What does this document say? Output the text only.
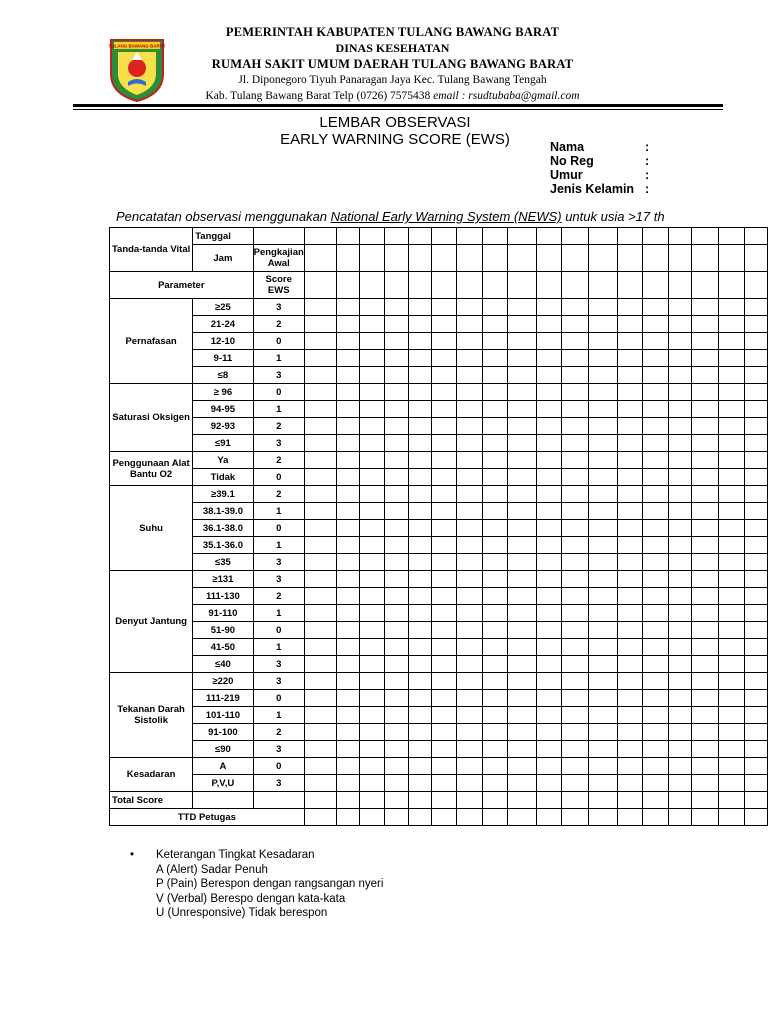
TULANG BAWANG BARAT
PEMERINTAH KABUPATEN TULANG BAWANG BARAT
DINAS KESEHATAN
RUMAH SAKIT UMUM DAERAH TULANG BAWANG BARAT
Jl. Diponegoro Tiyuh Panaragan Jaya Kec. Tulang Bawang Tengah
Kab. Tulang Bawang Barat Telp (0726) 7575438 email : rsudtubaba@gmail.com
LEMBAR OBSERVASI
EARLY WARNING SCORE (EWS)	Nama	:
No Reg	:
Umur	:
Jenis Kelamin :
Pencatatan observasi menggunakan National Early Warning System (NEWS) untuk usia >17 th
Tanda-tanda Vital	Tanggal																			
	Jam	Pengkajian Awal																		
Parameter		Score EWS																		
Pernafasan	≥25	3																		
	21-24	2																		
	12-10	0																		
	9-11	1																		
	≤8	3																		
Saturasi Oksigen	≥ 96	0																		
	94-95	1																		
	92-93	2																		
	≤91	3																		
Penggunaan Alat Bantu O2	Ya	2																		
	Tidak	0																		
Suhu	≥39.1	2																		
	38.1-39.0	1																		
	36.1-38.0	0																		
	35.1-36.0	1																		
	≤35	3																		
Denyut Jantung	≥131	3																		
	111-130	2																		
	91-110	1																		
	51-90	0																		
	41-50	1																		
	≤40	3																		
Tekanan Darah Sistolik	≥220	3																		
	111-219	0																		
	101-110	1																		
	91-100	2																		
	≤90	3																		
Kesadaran	A	0																		
	P,V,U	3																		
Total Score																				
TTD Petugas																				
• Keterangan Tingkat Kesadaran
A (Alert) Sadar Penuh
P (Pain) Berespon dengan rangsangan nyeri
V (Verbal) Berespo dengan kata-kata
U (Unresponsive) Tidak berespon
